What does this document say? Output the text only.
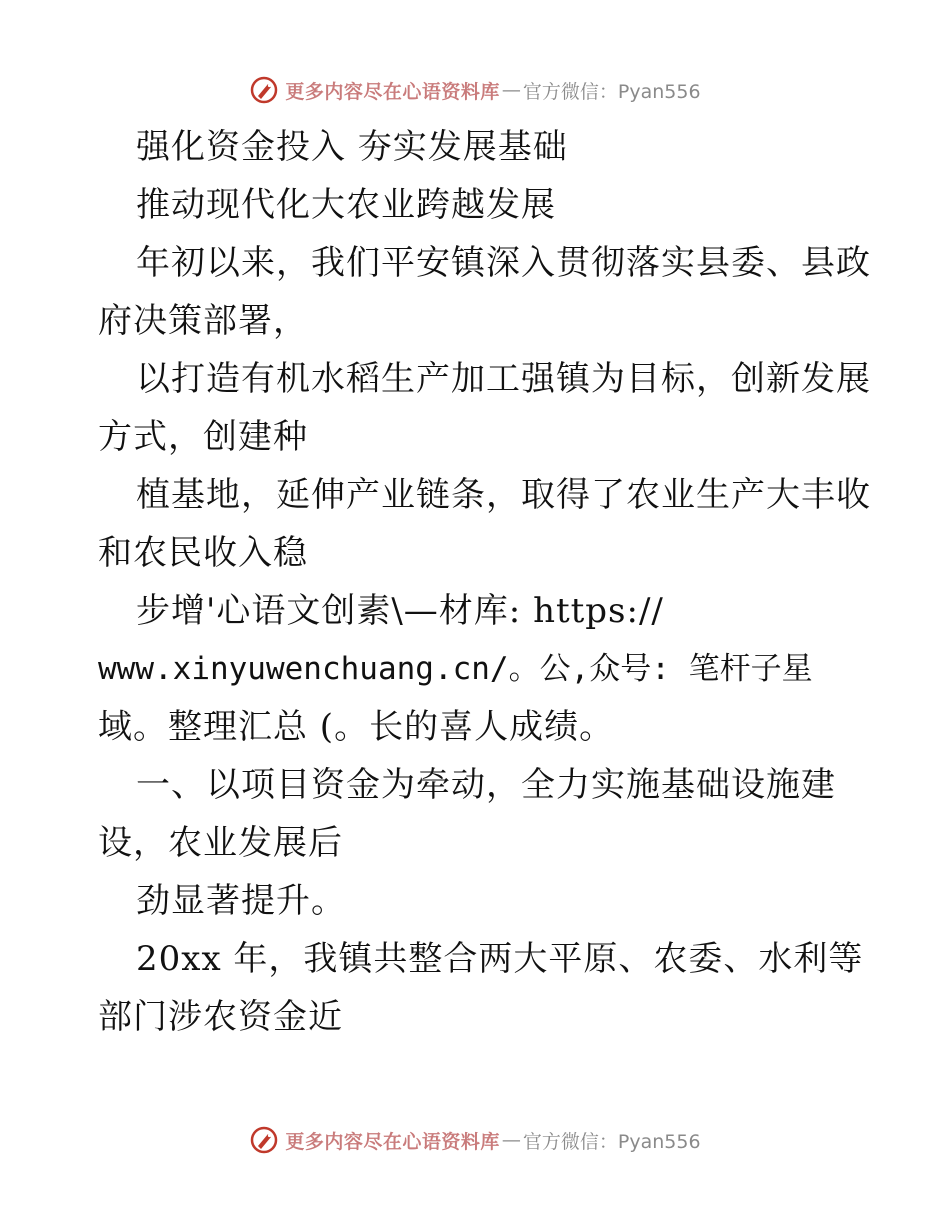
更多内容尽在心语资料库 — 官方微信：Pyan556
强化资金投入 夯实发展基础
推动现代化大农业跨越发展
年初以来，我们平安镇深入贯彻落实县委、县政
府决策部署，
以打造有机水稻生产加工强镇为目标，创新发展
方式，创建种
植基地，延伸产业链条，取得了农业生产大丰收
和农民收入稳
步增'心语文创素\—材库: https://
www.xinyuwenchuang.cn/。公,众号: 笔杆子星
域。整理汇总 (。长的喜人成绩。
一、以项目资金为牵动，全力实施基础设施建
设，农业发展后
劲显著提升。
20xx 年，我镇共整合两大平原、农委、水利等
部门涉农资金近
更多内容尽在心语资料库 — 官方微信：Pyan556
